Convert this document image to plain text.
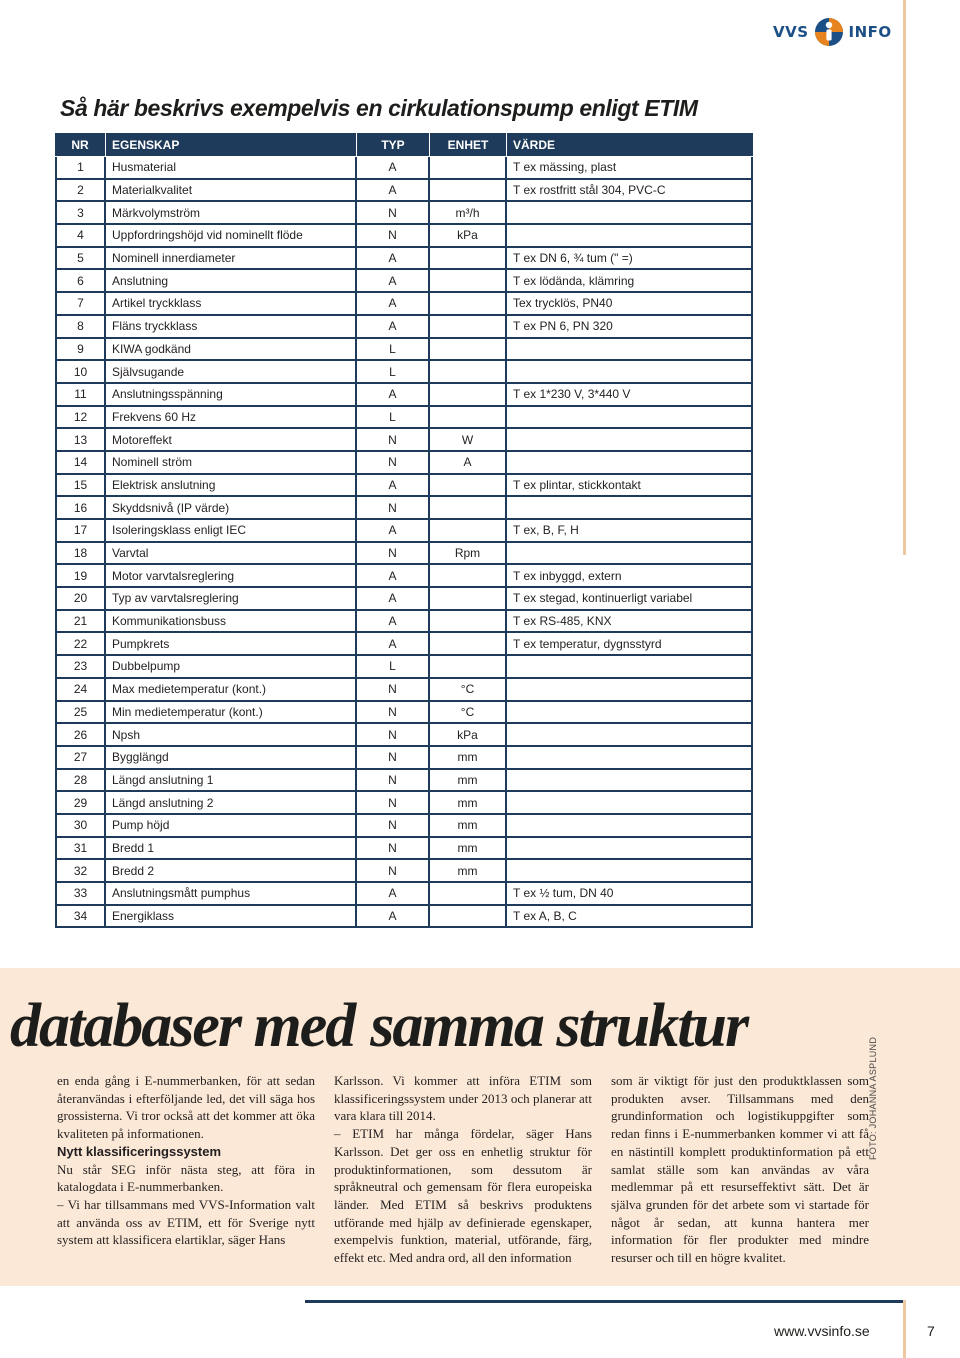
VVS	INFO
Så här beskrivs exempelvis en cirkulationspump enligt ETIM
NR	EGENSKAP	TYP	ENHET	VÄRDE
1	Husmaterial	A		T ex mässing, plast
2	Materialkvalitet	A		T ex rostfritt stål 304, PVC-C
3	Märkvolymström	N	m³/h	
4	Uppfordringshöjd vid nominellt flöde	N	kPa	
5	Nominell innerdiameter	A		T ex DN 6, ¾ tum (" =)
6	Anslutning	A		T ex lödända, klämring
7	Artikel tryckklass	A		Tex trycklös, PN40
8	Fläns tryckklass	A		T ex PN 6, PN 320
9	KIWA godkänd	L		
10	Självsugande	L		
11	Anslutningsspänning	A		T ex 1*230 V, 3*440 V
12	Frekvens 60 Hz	L		
13	Motoreffekt	N	W	
14	Nominell ström	N	A	
15	Elektrisk anslutning	A		T ex plintar, stickkontakt
16	Skyddsnivå (IP värde)	N		
17	Isoleringsklass enligt IEC	A		T ex, B, F, H
18	Varvtal	N	Rpm	
19	Motor varvtalsreglering	A		T ex inbyggd, extern
20	Typ av varvtalsreglering	A		T ex stegad, kontinuerligt variabel
21	Kommunikationsbuss	A		T ex RS-485, KNX
22	Pumpkrets	A		T ex temperatur, dygnsstyrd
23	Dubbelpump	L		
24	Max medietemperatur (kont.)	N	°C	
25	Min medietemperatur (kont.)	N	°C	
26	Npsh	N	kPa	
27	Bygglängd	N	mm	
28	Längd anslutning 1	N	mm	
29	Längd anslutning 2	N	mm	
30	Pump höjd	N	mm	
31	Bredd 1	N	mm	
32	Bredd 2	N	mm	
33	Anslutningsmått pumphus	A		T ex ½ tum, DN 40
34	Energiklass	A		T ex A, B, C
databaser med samma struktur

en enda gång i E-nummerbanken, för att sedan återanvändas i efterföljande led, det vill säga hos grossisterna. Vi tror också att det kommer att öka kvaliteten på informationen.

Nytt klassificeringssystem

Nu står SEG inför nästa steg, att föra in katalogdata i E-nummerbanken.

– Vi har tillsammans med VVS-Information valt att använda oss av ETIM, ett för Sverige nytt system att klassificera elartiklar, säger Hans

Karlsson. Vi kommer att införa ETIM som klassificeringssystem under 2013 och planerar att vara klara till 2014.

– ETIM har många fördelar, säger Hans Karlsson. Det ger oss en enhetlig struktur för produktinformationen, som dessutom är språkneutral och gemensam för flera europeiska länder. Med ETIM så beskrivs produktens utförande med hjälp av definierade egenskaper, exempelvis funktion, material, utförande, färg, effekt etc. Med andra ord, all den information

som är viktigt för just den produktklassen som produkten avser. Tillsammans med den grundinformation och logistikuppgifter som redan finns i E-nummerbanken kommer vi att få en nästintill komplett produktinformation på ett samlat ställe som kan användas av våra medlemmar på ett resurseffektivt sätt. Det är själva grunden för det arbete som vi startade för något år sedan, att kunna hantera mer information för fler produkter med mindre resurser och till en högre kvalitet.

FOTO: JOHANNA ASPLUND
www.vvsinfo.se	7
